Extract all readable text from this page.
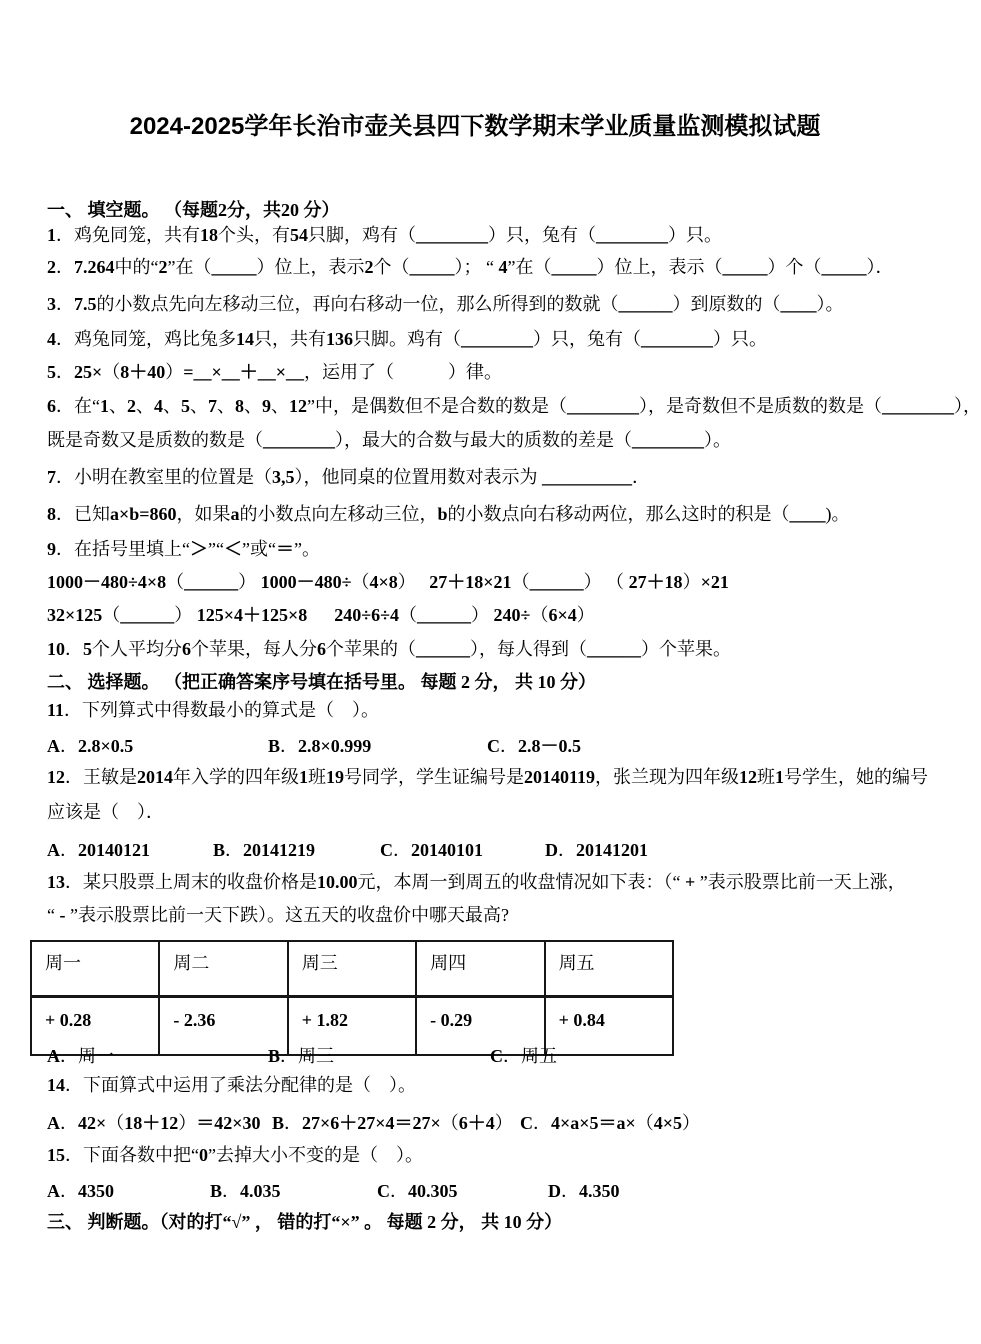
2024-2025学年长治市壶关县四下数学期末学业质量监测模拟试题
一、 填空题。 （每题2分，共20 分）
1．鸡免同笼，共有18个头，有54只脚，鸡有（________）只，兔有（________）只。
2．7.264中的“2”在（_____）位上，表示2个（_____）； “ 4”在（_____）位上，表示（_____）个（_____）．
3．7.5的小数点先向左移动三位，再向右移动一位，那么所得到的数就（______）到原数的（____）。
4．鸡兔同笼，鸡比兔多14只，共有136只脚。鸡有（________）只，兔有（________）只。
5．25×（8＋40）=__×__＋__×__，运用了（　　　）律。
6．在“1、2、4、5、7、8、9、12”中，是偶数但不是合数的数是（________），是奇数但不是质数的数是（________），
既是奇数又是质数的数是（________），最大的合数与最大的质数的差是（________）。
7．小明在教室里的位置是（3,5），他同桌的位置用数对表示为 __________．
8．已知a×b=860，如果a的小数点向左移动三位，b的小数点向右移动两位，那么这时的积是（____)。
9．在括号里填上“＞”“＜”或“＝”。
1000－480÷4×8（______） 1000－480÷（4×8）   27＋18×21（______） （ 27＋18）×21
32×125（______） 125×4＋125×8 240÷6÷4（______） 240÷（6×4）
10．5个人平均分6个苹果，每人分6个苹果的（______），每人得到（______）个苹果。
二、 选择题。 （把正确答案序号填在括号里。 每题 2 分， 共 10 分）
11．下列算式中得数最小的算式是（　）。
A．2.8×0.5	B．2.8×0.999	C．2.8－0.5
12．王敏是2014年入学的四年级1班19号同学，学生证编号是20140119，张兰现为四年级12班1号学生，她的编号
应该是（　）．
A．20140121	B．20141219	C．20140101	D．20141201
13．某只股票上周末的收盘价格是10.00元，本周一到周五的收盘情况如下表：（“ + ”表示股票比前一天上涨，
“ - ”表示股票比前一天下跌）。这五天的收盘价中哪天最高?
周一	周二	周三	周四	周五
+ 0.28	- 2.36	+ 1.82	- 0.29	+ 0.84
A．周一	B．周三	C．周五
14．下面算式中运用了乘法分配律的是（　）。
A．42×（18＋12）＝42×30 B．27×6＋27×4＝27×（6＋4） C．4×a×5＝a×（4×5）
15．下面各数中把“0”去掉大小不变的是（　）。
A．4350	B．4.035	C．40.305	D．4.350
三、 判断题。（对的打“√” ， 错的打“×” 。 每题 2 分， 共 10 分）
